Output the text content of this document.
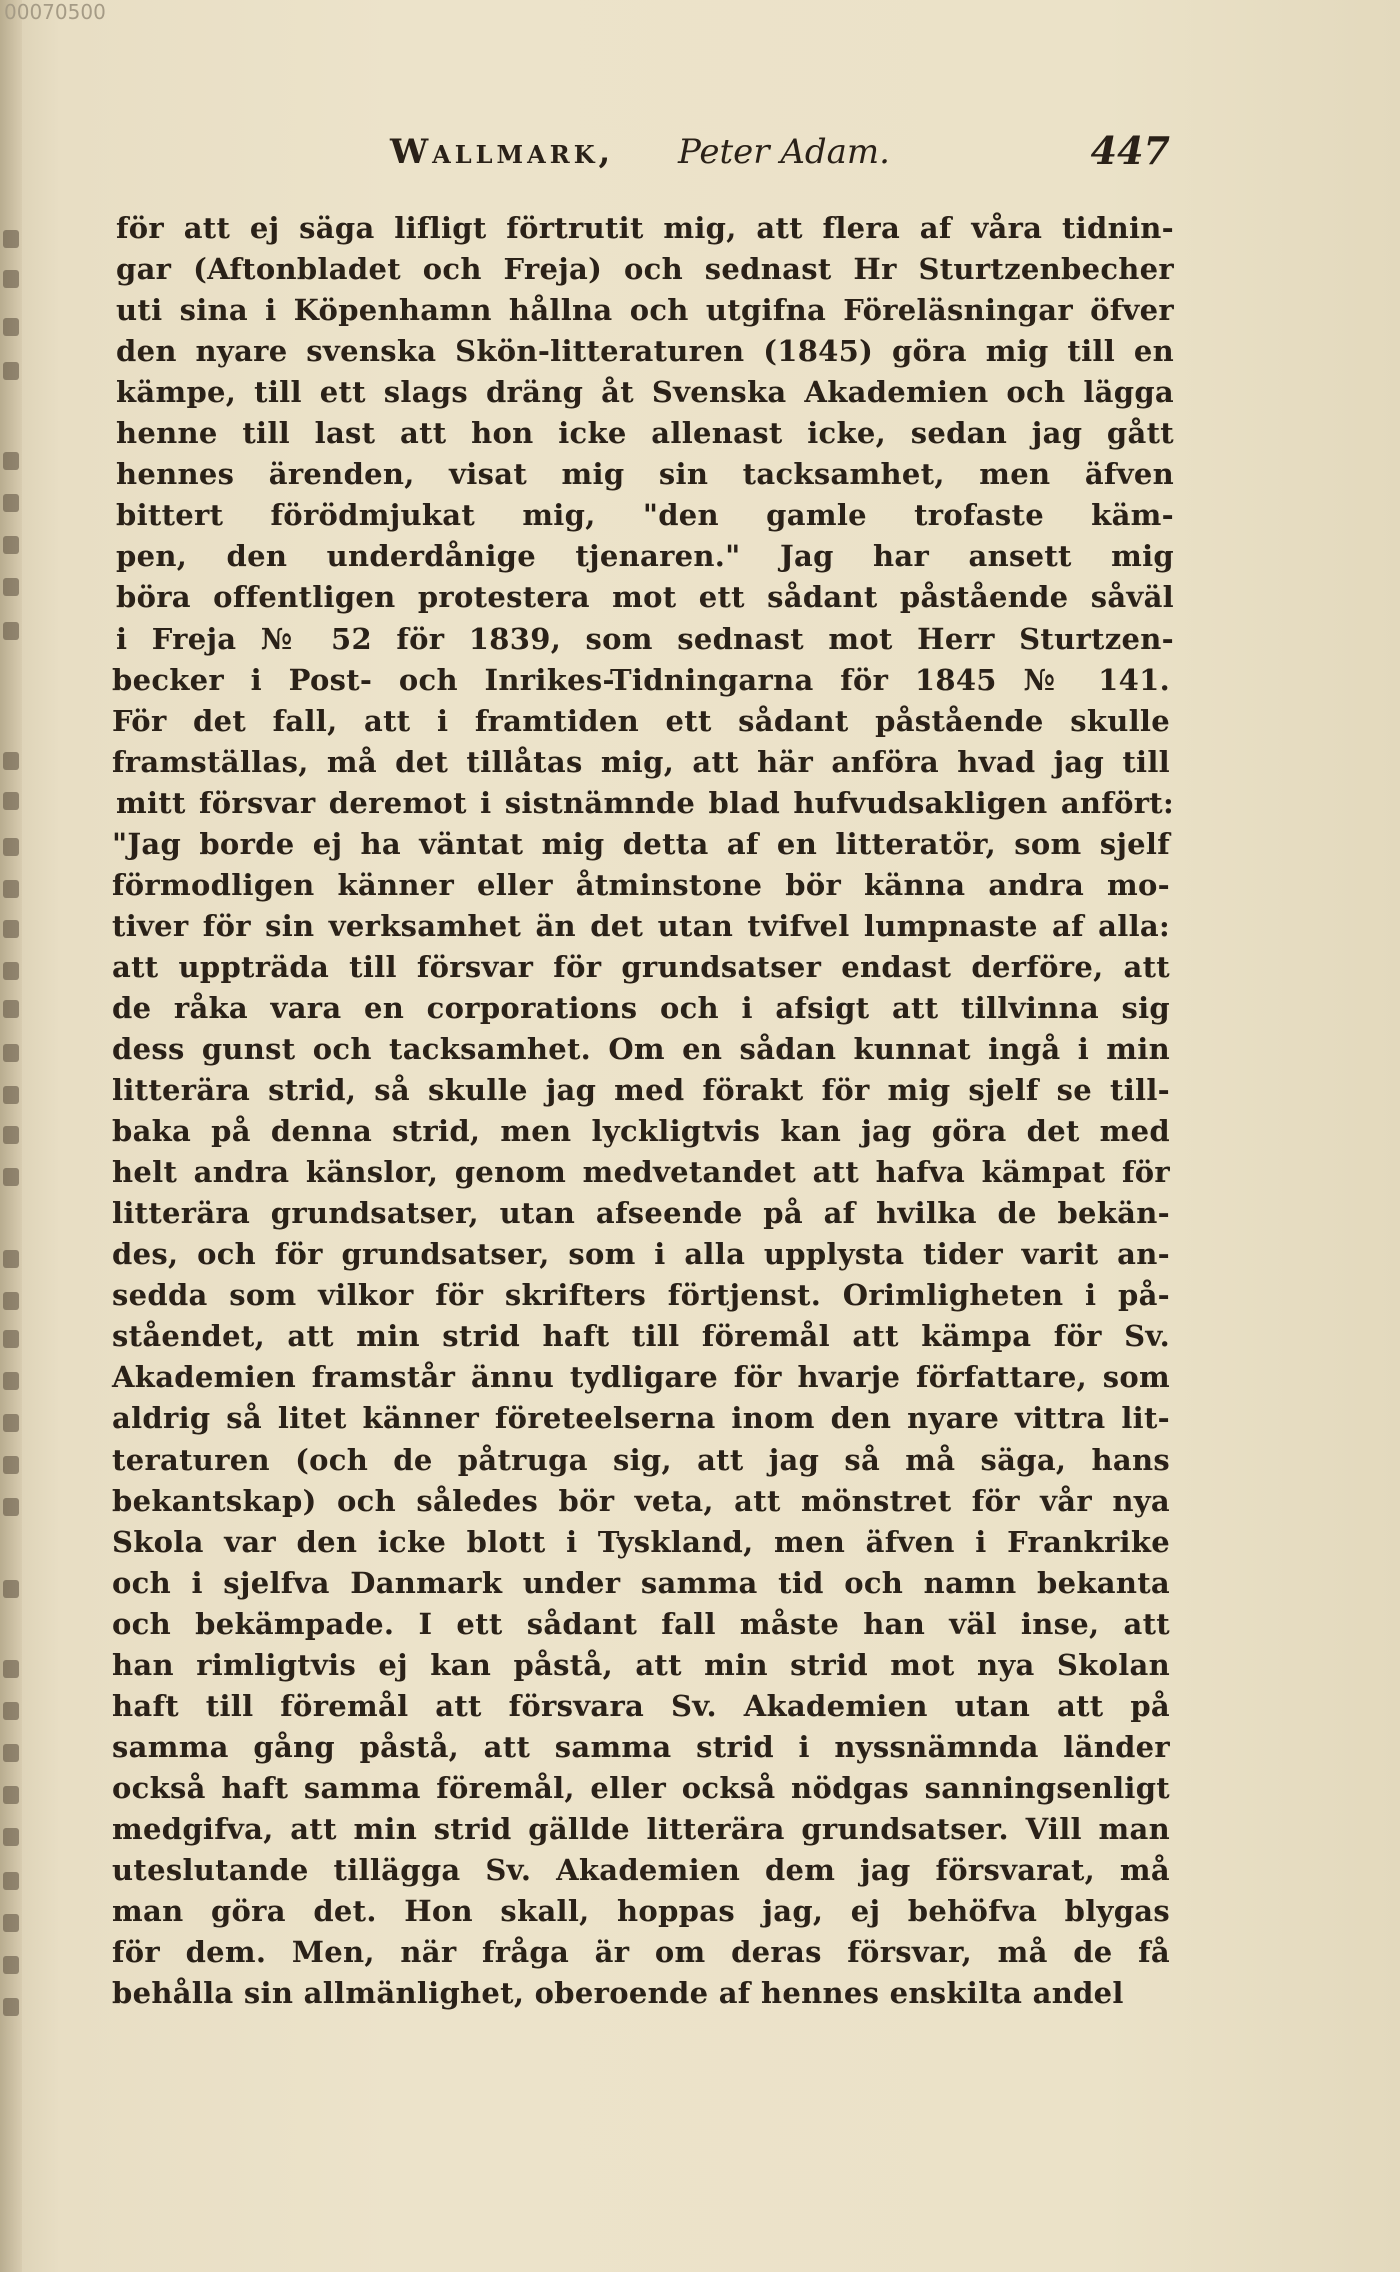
00070500
Wallmark, Peter Adam.	447
för att ej säga lifligt förtrutit mig, att flera af våra tidnin-
gar (Aftonbladet och Freja) och sednast Hr Sturtzenbecher
uti sina i Köpenhamn hållna och utgifna Föreläsningar öfver
den nyare svenska Skön-litteraturen (1845) göra mig till en
kämpe, till ett slags dräng åt Svenska Akademien och lägga
henne till last att hon icke allenast icke, sedan jag gått
hennes ärenden, visat mig sin tacksamhet, men äfven
bittert förödmjukat mig, "den gamle trofaste käm-
pen, den underdånige tjenaren." Jag har ansett mig
böra offentligen protestera mot ett sådant påstående såväl
i Freja № 52 för 1839, som sednast mot Herr Sturtzen-
becker i Post- och Inrikes-Tidningarna för 1845 № 141.
För det fall, att i framtiden ett sådant påstående skulle
framställas, må det tillåtas mig, att här anföra hvad jag till
mitt försvar deremot i sistnämnde blad hufvudsakligen anfört:
"Jag borde ej ha väntat mig detta af en litteratör, som sjelf
förmodligen känner eller åtminstone bör känna andra mo-
tiver för sin verksamhet än det utan tvifvel lumpnaste af alla:
att uppträda till försvar för grundsatser endast derföre, att
de råka vara en corporations och i afsigt att tillvinna sig
dess gunst och tacksamhet. Om en sådan kunnat ingå i min
litterära strid, så skulle jag med förakt för mig sjelf se till-
baka på denna strid, men lyckligtvis kan jag göra det med
helt andra känslor, genom medvetandet att hafva kämpat för
litterära grundsatser, utan afseende på af hvilka de bekän-
des, och för grundsatser, som i alla upplysta tider varit an-
sedda som vilkor för skrifters förtjenst. Orimligheten i på-
ståendet, att min strid haft till föremål att kämpa för Sv.
Akademien framstår ännu tydligare för hvarje författare, som
aldrig så litet känner företeelserna inom den nyare vittra lit-
teraturen (och de påtruga sig, att jag så må säga, hans
bekantskap) och således bör veta, att mönstret för vår nya
Skola var den icke blott i Tyskland, men äfven i Frankrike
och i sjelfva Danmark under samma tid och namn bekanta
och bekämpade. I ett sådant fall måste han väl inse, att
han rimligtvis ej kan påstå, att min strid mot nya Skolan
haft till föremål att försvara Sv. Akademien utan att på
samma gång påstå, att samma strid i nyssnämnda länder
också haft samma föremål, eller också nödgas sanningsenligt
medgifva, att min strid gällde litterära grundsatser. Vill man
uteslutande tillägga Sv. Akademien dem jag försvarat, må
man göra det. Hon skall, hoppas jag, ej behöfva blygas
för dem. Men, när fråga är om deras försvar, må de få
behålla sin allmänlighet, oberoende af hennes enskilta andel
